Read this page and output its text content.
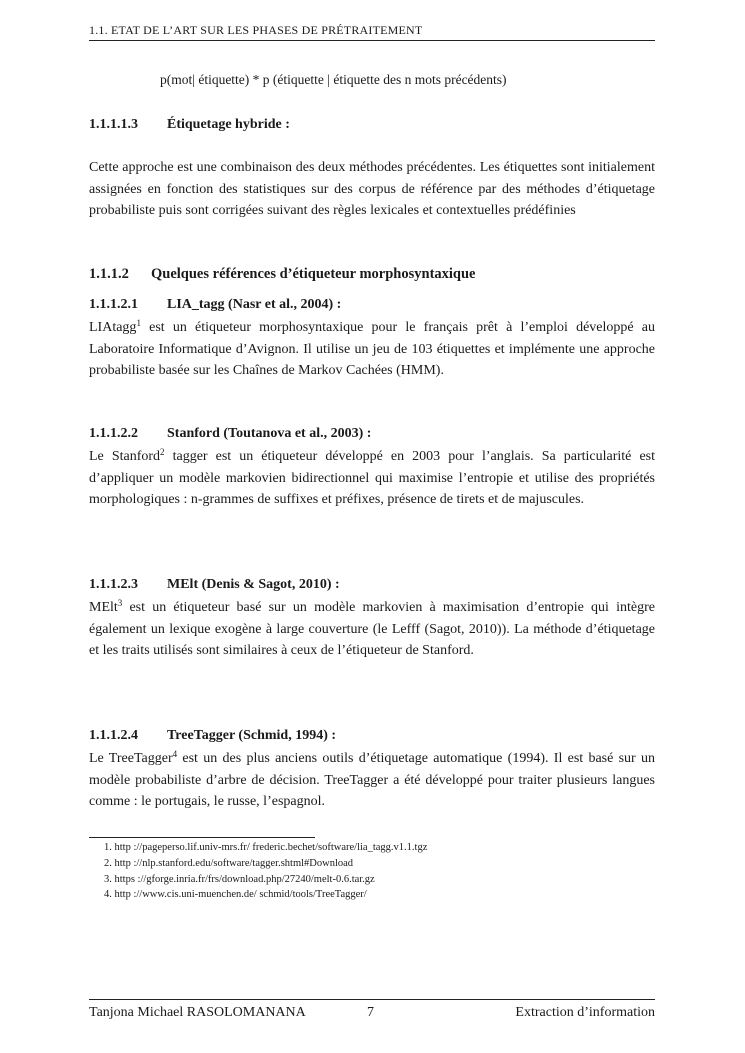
1.1. ETAT DE L’ART SUR LES PHASES DE PRÉTRAITEMENT
p(mot| étiquette) * p (étiquette | étiquette des n mots précédents)
1.1.1.1.3 Étiquetage hybride :
Cette approche est une combinaison des deux méthodes précédentes. Les étiquettes sont initialement assignées en fonction des statistiques sur des corpus de référence par des méthodes d’étiquetage probabiliste puis sont corrigées suivant des règles lexicales et contextuelles prédéfinies
1.1.1.2 Quelques références d’étiqueteur morphosyntaxique
1.1.1.2.1 LIA_tagg (Nasr et al., 2004) :
LIAtagg$^1$ est un étiqueteur morphosyntaxique pour le français prêt à l’emploi développé au Laboratoire Informatique d’Avignon. Il utilise un jeu de 103 étiquettes et implémente une approche probabiliste basée sur les Chaînes de Markov Cachées (HMM).
1.1.1.2.2 Stanford (Toutanova et al., 2003) :
Le Stanford$^2$ tagger est un étiqueteur développé en 2003 pour l’anglais. Sa particularité est d’appliquer un modèle markovien bidirectionnel qui maximise l’entropie et utilise des propriétés morphologiques : n-grammes de suffixes et préfixes, présence de tirets et de majuscules.
1.1.1.2.3 MElt (Denis & Sagot, 2010) :
MElt$^3$ est un étiqueteur basé sur un modèle markovien à maximisation d’entropie qui intègre également un lexique exogène à large couverture (le Lefff (Sagot, 2010)). La méthode d’étiquetage et les traits utilisés sont similaires à ceux de l’étiqueteur de Stanford.
1.1.1.2.4 TreeTagger (Schmid, 1994) :
Le TreeTagger$^4$ est un des plus anciens outils d’étiquetage automatique (1994). Il est basé sur un modèle probabiliste d’arbre de décision. TreeTagger a été développé pour traiter plusieurs langues comme : le portugais, le russe, l’espagnol.
1. http ://pageperso.lif.univ-mrs.fr/ frederic.bechet/software/lia_tagg.v1.1.tgz
2. http ://nlp.stanford.edu/software/tagger.shtml#Download
3. https ://gforge.inria.fr/frs/download.php/27240/melt-0.6.tar.gz
4. http ://www.cis.uni-muenchen.de/ schmid/tools/TreeTagger/
Tanjona Michael RASOLOMANANA	7	Extraction d’information
